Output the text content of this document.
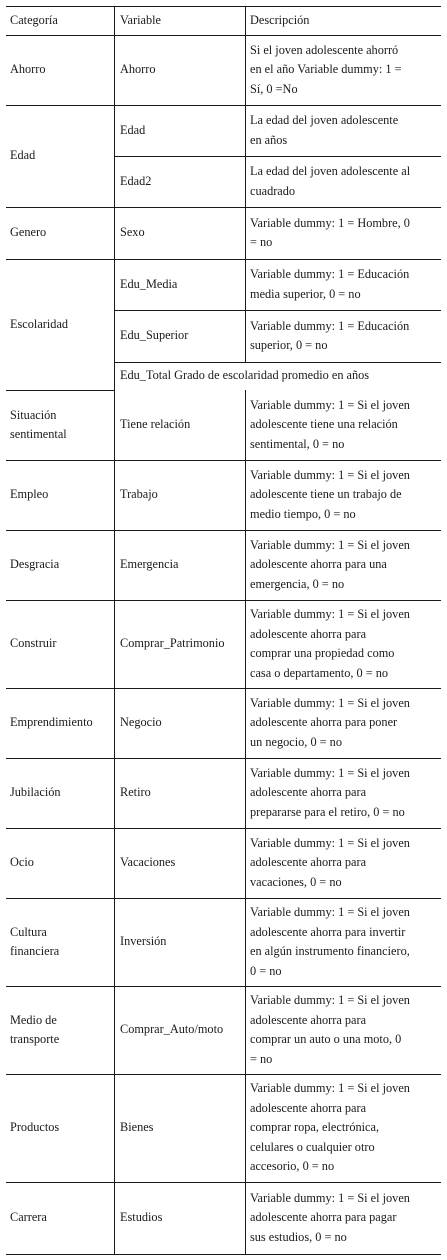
Categoría	Variable	Descripción
Ahorro
Edad
Genero
Escolaridad
Situación
sentimental
Empleo
Desgracia
Construir
Emprendimiento
Jubilación
Ocio
Cultura
financiera
Medio de
transporte
Productos
Carrera
Ahorro
Si el joven adolescente ahorró
en el año Variable dummy: 1 =
Sí, 0 =No
Edad
La edad del joven adolescente
en años
Edad2
La edad del joven adolescente al
cuadrado
Sexo
Variable dummy: 1 = Hombre, 0
= no
Edu_Media
Variable dummy: 1 = Educación
media superior, 0 = no
Edu_Superior
Variable dummy: 1 = Educación
superior, 0 = no
Edu_Total Grado de escolaridad promedio en años
Tiene relación
Variable dummy: 1 = Si el joven
adolescente tiene una relación
sentimental, 0 = no
Trabajo
Variable dummy: 1 = Si el joven
adolescente tiene un trabajo de
medio tiempo, 0 = no
Emergencia
Variable dummy: 1 = Si el joven
adolescente ahorra para una
emergencia, 0 = no
Comprar_Patrimonio
Variable dummy: 1 = Si el joven
adolescente ahorra para
comprar una propiedad como
casa o departamento, 0 = no
Negocio
Variable dummy: 1 = Si el joven
adolescente ahorra para poner
un negocio, 0 = no
Retiro
Variable dummy: 1 = Si el joven
adolescente ahorra para
prepararse para el retiro, 0 = no
Vacaciones
Variable dummy: 1 = Si el joven
adolescente ahorra para
vacaciones, 0 = no
Inversión
Variable dummy: 1 = Si el joven
adolescente ahorra para invertir
en algún instrumento financiero,
0 = no
Comprar_Auto/moto
Variable dummy: 1 = Si el joven
adolescente ahorra para
comprar un auto o una moto, 0
= no
Bienes
Variable dummy: 1 = Si el joven
adolescente ahorra para
comprar ropa, electrónica,
celulares o cualquier otro
accesorio, 0 = no
Estudios
Variable dummy: 1 = Si el joven
adolescente ahorra para pagar
sus estudios, 0 = no
